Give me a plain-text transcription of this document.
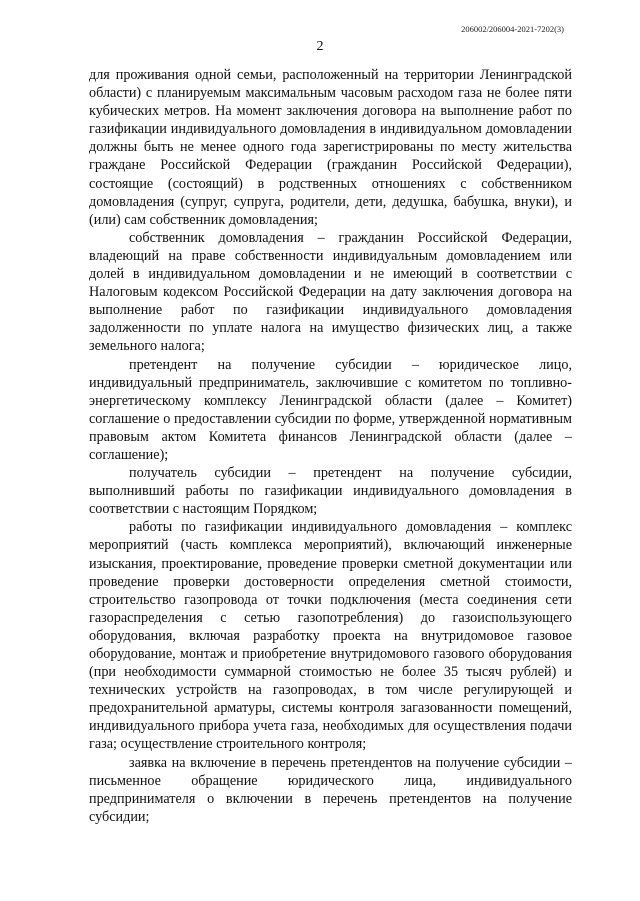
206002/206004-2021-7202(3)
2

для проживания одной семьи, расположенный на территории Ленинградской области) с планируемым максимальным часовым расходом газа не более пяти кубических метров. На момент заключения договора на выполнение работ по газификации индивидуального домовладения в индивидуальном домовладении должны быть не менее одного года зарегистрированы по месту жительства граждане Российской Федерации (гражданин Российской Федерации), состоящие (состоящий) в родственных отношениях с собственником домовладения (супруг, супруга, родители, дети, дедушка, бабушка, внуки), и (или) сам собственник домовладения;

собственник домовладения – гражданин Российской Федерации, владеющий на праве собственности индивидуальным домовладением или долей в индивидуальном домовладении и не имеющий в соответствии с Налоговым кодексом Российской Федерации на дату заключения договора на выполнение работ по газификации индивидуального домовладения задолженности по уплате налога на имущество физических лиц, а также земельного налога;

претендент на получение субсидии – юридическое лицо, индивидуальный предприниматель, заключившие с комитетом по топливно-энергетическому комплексу Ленинградской области (далее – Комитет) соглашение о предоставлении субсидии по форме, утвержденной нормативным правовым актом Комитета финансов Ленинградской области (далее – соглашение);

получатель субсидии – претендент на получение субсидии, выполнивший работы по газификации индивидуального домовладения в соответствии с настоящим Порядком;

работы по газификации индивидуального домовладения – комплекс мероприятий (часть комплекса мероприятий), включающий инженерные изыскания, проектирование, проведение проверки сметной документации или проведение проверки достоверности определения сметной стоимости, строительство газопровода от точки подключения (места соединения сети газораспределения с сетью газопотребления) до газоиспользующего оборудования, включая разработку проекта на внутридомовое газовое оборудование, монтаж и приобретение внутридомового газового оборудования (при необходимости суммарной стоимостью не более 35 тысяч рублей) и технических устройств на газопроводах, в том числе регулирующей и предохранительной арматуры, системы контроля загазованности помещений, индивидуального прибора учета газа, необходимых для осуществления подачи газа; осуществление строительного контроля;

заявка на включение в перечень претендентов на получение субсидии – письменное обращение юридического лица, индивидуального предпринимателя о включении в перечень претендентов на получение субсидии;
